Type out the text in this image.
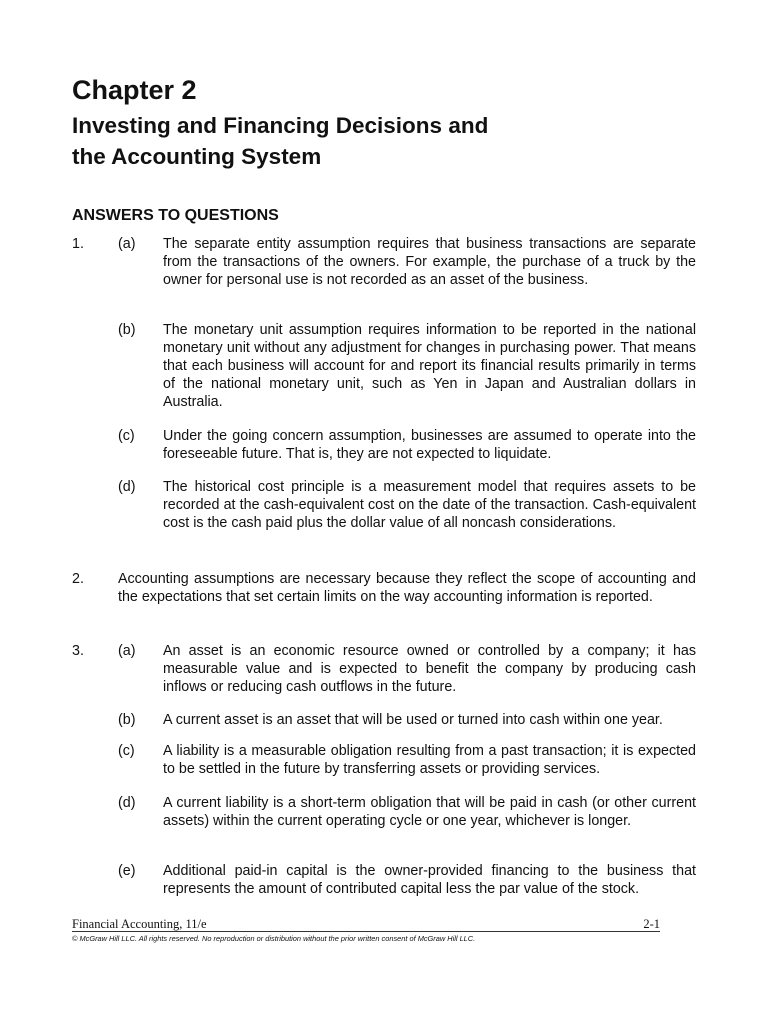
Chapter 2
Investing and Financing Decisions and
the Accounting System
ANSWERS TO QUESTIONS
1. (a) The separate entity assumption requires that business transactions are separate from the transactions of the owners. For example, the purchase of a truck by the owner for personal use is not recorded as an asset of the business.

(b) The monetary unit assumption requires information to be reported in the national monetary unit without any adjustment for changes in purchasing power. That means that each business will account for and report its financial results primarily in terms of the national monetary unit, such as Yen in Japan and Australian dollars in Australia.

(c) Under the going concern assumption, businesses are assumed to operate into the foreseeable future. That is, they are not expected to liquidate.

(d) The historical cost principle is a measurement model that requires assets to be recorded at the cash-equivalent cost on the date of the transaction. Cash-equivalent cost is the cash paid plus the dollar value of all noncash considerations.

2. Accounting assumptions are necessary because they reflect the scope of accounting and the expectations that set certain limits on the way accounting information is reported.

3. (a) An asset is an economic resource owned or controlled by a company; it has measurable value and is expected to benefit the company by producing cash inflows or reducing cash outflows in the future.

(b) A current asset is an asset that will be used or turned into cash within one year.

(c) A liability is a measurable obligation resulting from a past transaction; it is expected to be settled in the future by transferring assets or providing services.

(d) A current liability is a short-term obligation that will be paid in cash (or other current assets) within the current operating cycle or one year, whichever is longer.

(e) Additional paid-in capital is the owner-provided financing to the business that represents the amount of contributed capital less the par value of the stock.

Financial Accounting, 11/e	2-1
© McGraw Hill LLC. All rights reserved. No reproduction or distribution without the prior written consent of McGraw Hill LLC.
